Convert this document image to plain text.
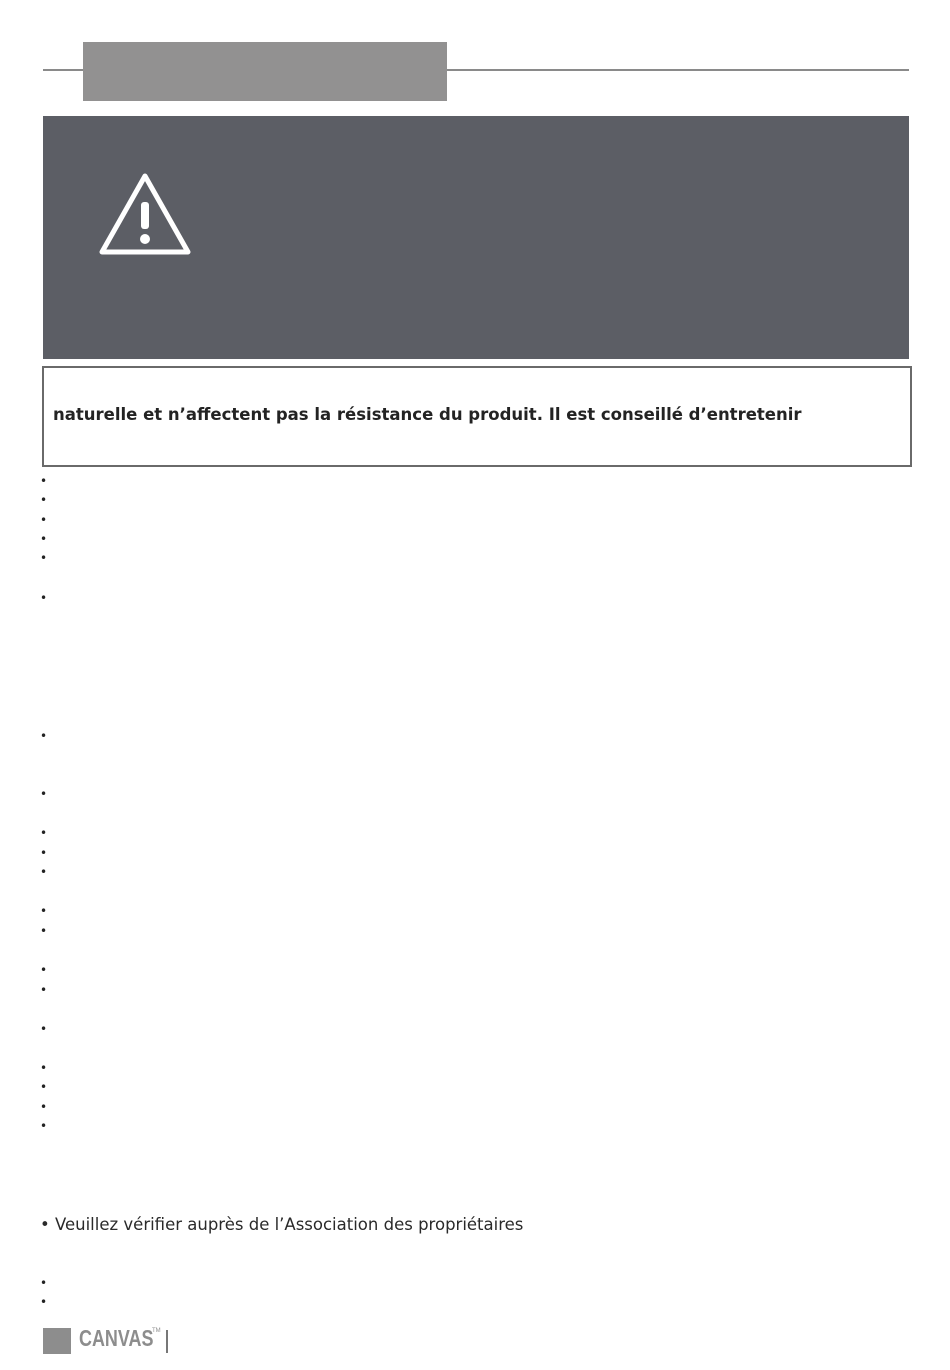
naturelle et n’affectent pas la résistance du produit. Il est conseillé d’entretenir

•
•
•
•
•
•
•
•
•
•
•
•
•
•
•
•
•
•
•
•
•
•

• Veuillez vérifier auprès de l’Association des propriétaires

CANVAS

TM
